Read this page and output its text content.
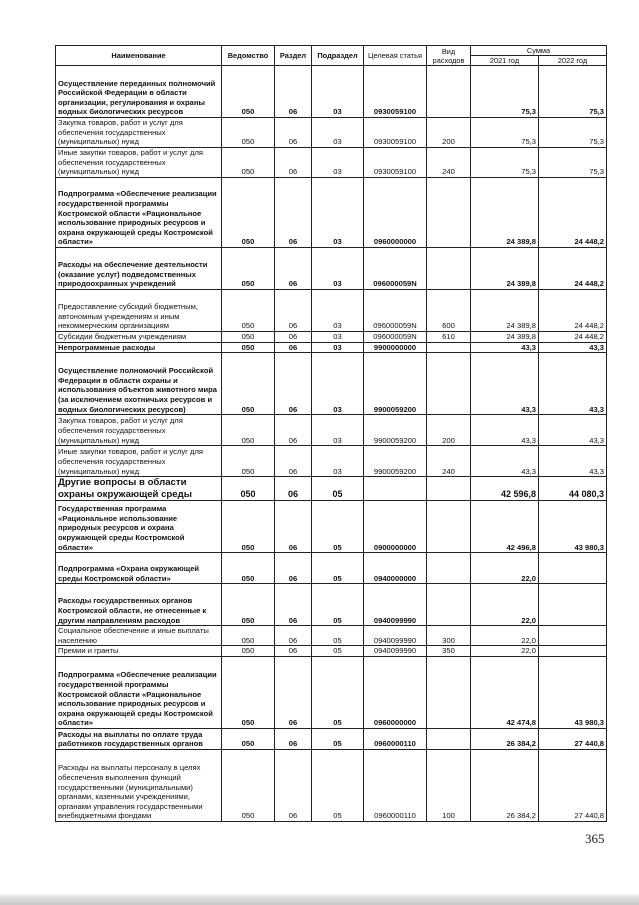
Наименование	Ведомство	Раздел	Подраздел	Целевая статья	Вид расходов	Сумма	
						2021 год	2022 год
Осуществление переданных полномочий Российской Федерации в области организации, регулирования и охраны водных биологических ресурсов	050	06	03	0930059100		75,3	75,3
Закупка товаров, работ и услуг для обеспечения государственных (муниципальных) нужд	050	06	03	0930059100	200	75,3	75,3
Иные закупки товаров, работ и услуг для обеспечения государственных (муниципальных) нужд	050	06	03	0930059100	240	75,3	75,3
Подпрограмма «Обеспечение реализации государственной программы Костромской области «Рациональное использование природных ресурсов и охрана окружающей среды Костромской области»	050	06	03	0960000000		24 389,8	24 448,2
Расходы на обеспечение деятельности (оказание услуг) подведомственных природоохранных учреждений	050	06	03	096000059N		24 389,8	24 448,2
Предоставление субсидий бюджетным, автономным учреждениям и иным некоммерческим организациям	050	06	03	096000059N	600	24 389,8	24 448,2
Субсидии бюджетным учреждениям	050	06	03	096000059N	610	24 389,8	24 448,2
Непрограммные расходы	050	06	03	9900000000		43,3	43,3
Осуществление полномочий Российской Федерации в области охраны и использования объектов животного мира (за исключением охотничьих ресурсов и водных биологических ресурсов)	050	06	03	9900059200		43,3	43,3
Закупка товаров, работ и услуг для обеспечения государственных (муниципальных) нужд	050	06	03	9900059200	200	43,3	43,3
Иные закупки товаров, работ и услуг для обеспечения государственных (муниципальных) нужд	050	06	03	9900059200	240	43,3	43,3
Другие вопросы в области охраны окружающей среды	050	06	05			42 596,8	44 080,3
Государственная программа «Рациональное использование природных ресурсов и охрана окружающей среды Костромской области»	050	06	05	0900000000		42 496,8	43 980,3
Подпрограмма «Охрана окружающей среды Костромской области»	050	06	05	0940000000		22,0	
Расходы государственных органов Костромской области, не отнесенные к другим направлениям расходов	050	06	05	0940099990		22,0	
Социальное обеспечение и иные выплаты населению	050	06	05	0940099990	300	22,0	
Премии и гранты	050	06	05	0940099990	350	22,0	
Подпрограмма «Обеспечение реализации государственной программы Костромской области «Рациональное использование природных ресурсов и охрана окружающей среды Костромской области»	050	06	05	0960000000		42 474,8	43 980,3
Расходы на выплаты по оплате труда работников государственных органов	050	06	05	0960000110		26 384,2	27 440,8
Расходы на выплаты персоналу в целях обеспечения выполнения функций государственными (муниципальными) органами, казенными учреждениями, органами управления государственными внебюджетными фондами	050	06	05	0960000110	100	26 384,2	27 440,8
365
